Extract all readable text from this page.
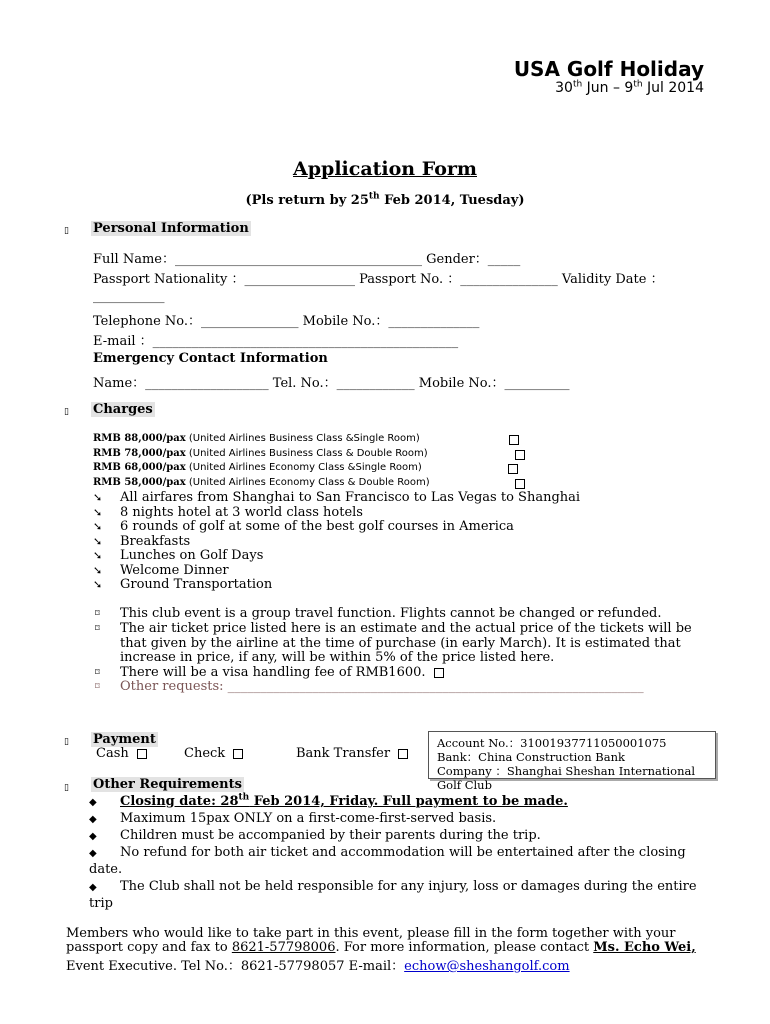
USA Golf Holiday
30th Jun – 9th Jul 2014
Application Form
(Pls return by 25th Feb 2014, Tuesday)
▯ Personal Information
Full Name：______________________________________ Gender：_____
Passport Nationality ：_________________ Passport No. ：_______________ Validity Date ：
___________
Telephone No.：_______________ Mobile No.：______________
E-mail ：_______________________________________________
Emergency Contact Information
Name：___________________ Tel. No.：____________ Mobile No.：__________
▯ Charges
RMB 88,000/pax (United Airlines Business Class &Single Room)
RMB 78,000/pax (United Airlines Business Class & Double Room)
RMB 68,000/pax (United Airlines Economy Class &Single Room)
RMB 58,000/pax (United Airlines Economy Class & Double Room)
➘ All airfares from Shanghai to San Francisco to Las Vegas to Shanghai
➘ 8 nights hotel at 3 world class hotels
➘ 6 rounds of golf at some of the best golf courses in America
➘ Breakfasts
➘ Lunches on Golf Days
➘ Welcome Dinner
➘ Ground Transportation
⌑ This club event is a group travel function. Flights cannot be changed or refunded.
⌑ The air ticket price listed here is an estimate and the actual price of the tickets will be
that given by the airline at the time of purchase (in early March). It is estimated that
increase in price, if any, will be within 5% of the price listed here.
⌑ There will be a visa handling fee of RMB1600.
⌑ Other requests: ________________________________________________________________
▯ Payment
Cash	Check	Bank Transfer
Account No.：31001937711050001075
Bank：China Construction Bank
Company ：Shanghai Sheshan International
Golf Club
▯ Other Requirements
◆ Closing date: 28th Feb 2014, Friday. Full payment to be made.
◆ Maximum 15pax ONLY on a first-come-first-served basis.
◆ Children must be accompanied by their parents during the trip.
◆ No refund for both air ticket and accommodation will be entertained after the closing
date.
◆ The Club shall not be held responsible for any injury, loss or damages during the entire
trip
Members who would like to take part in this event, please fill in the form together with your
passport copy and fax to 8621-57798006. For more information, please contact Ms. Echo Wei,
Event Executive. Tel No.：8621-57798057 E-mail：echow@sheshangolf.com
